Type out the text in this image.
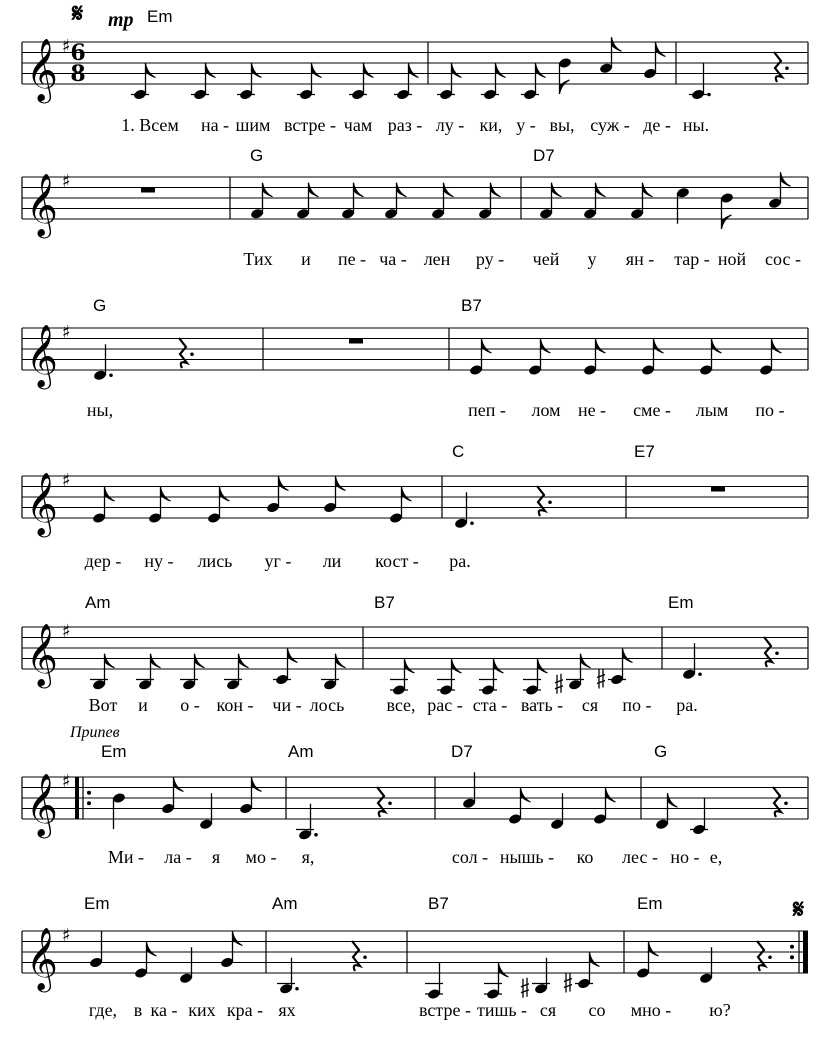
𝄋 mp
6
8
Припев
𝄋
Em
1. Всем на - шим встре - чам раз - лу - ки, у - вы, суж - де - ны.
G	D7
Тих и пе - ча - лен ру - чей у ян - тар - ной сос -
G	B7
ны,	пеп - лом не - сме - лым по -
C	E7
дер - ну - лись уг - ли кост - ра.
Am	B7	Em
Вот и о - кон - чи - лось все, рас - ста - вать - ся по - ра.
Em	Am	D7	G
Ми - ла - я мо - я,	сол - нышь - ко лес - но - е,
Em	Am	B7	Em
где, в ка - ких кра - ях	встре - тишь - ся со мно - ю?
𝄞 ♯
𝄞 ♯
𝄞 ♯
𝄞 ♯
𝄞 ♯
𝄞 ♯
𝄞 ♯
